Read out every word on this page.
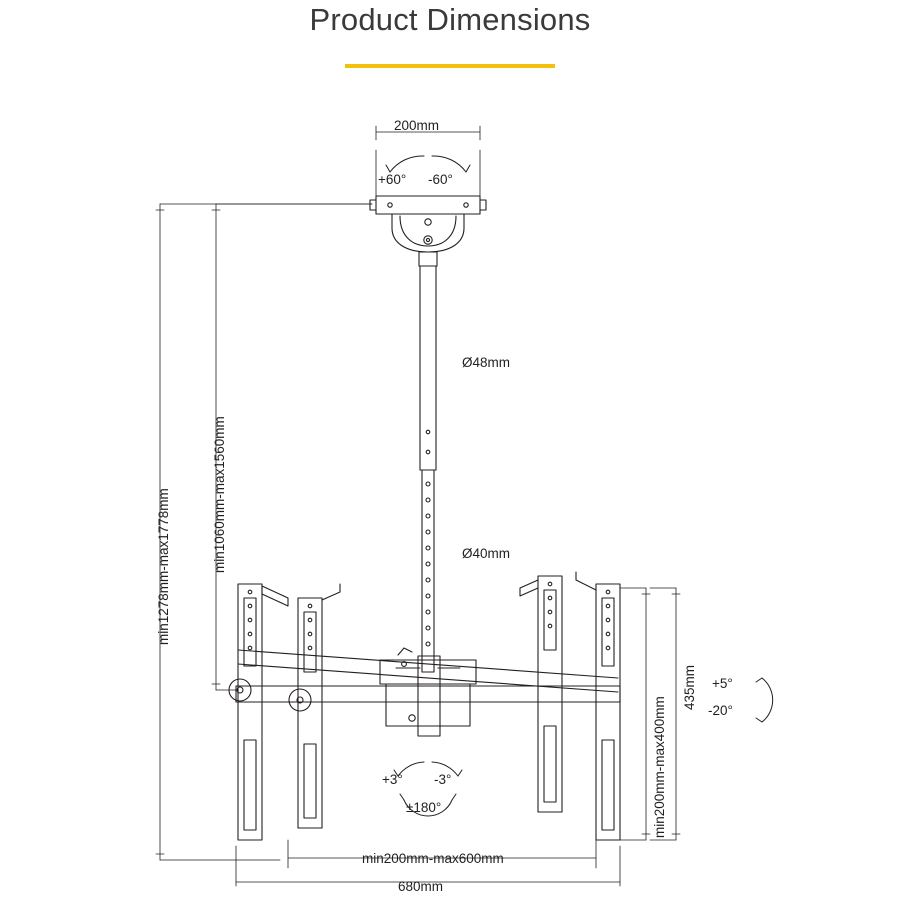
Product Dimensions
200mm
+60° -60°
Ø48mm
Ø40mm
min1278mm-max1778mm	min1060mm-max1560mm
min200mm-max400mm
435mm +5°
-20°
+3° -3°
±180°
min200mm-max600mm
680mm
